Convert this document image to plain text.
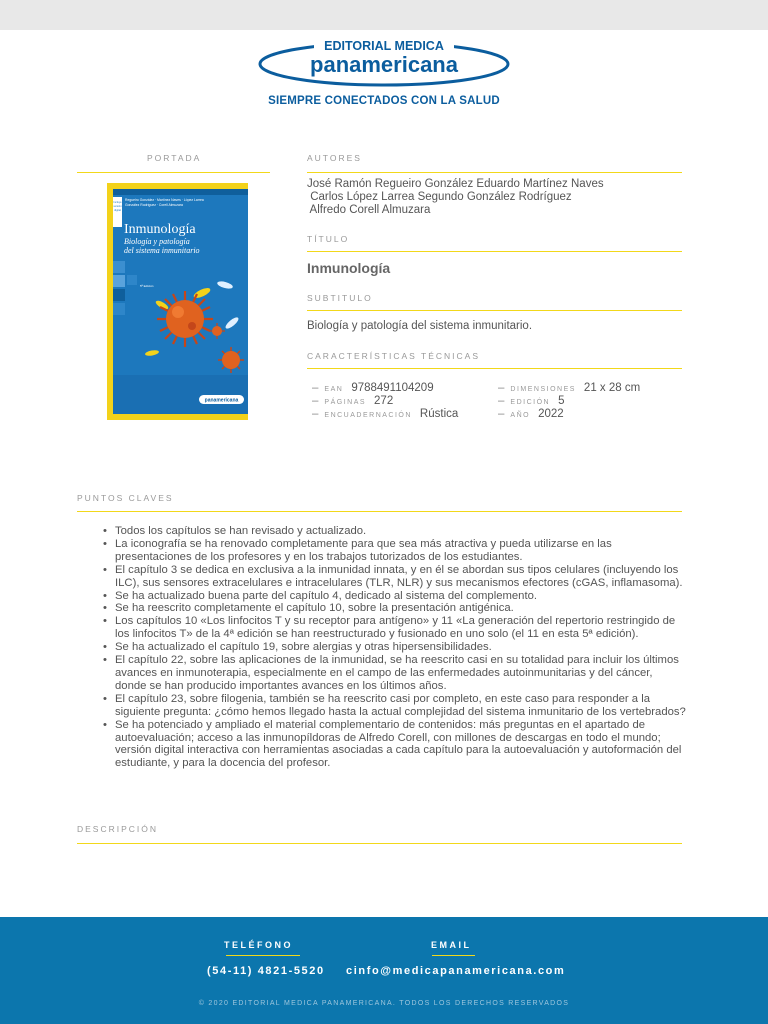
EDITORIAL MEDICA
panamericana
SIEMPRE CONECTADOS CON LA SALUD
PORTADA	AUTORES
TÍTULO
SUBTITULO
CARACTERÍSTICAS TÉCNICAS
PUNTOS CLAVES
DESCRIPCIÓN
Incluye
versión
digital
Regueiro González · Martínez Naves · López Larrea
González Rodríguez · Corell Almuzara
Inmunología
Biología y patología
del sistema inmunitario
5ª Edición
panamericana
José Ramón Regueiro González Eduardo Martínez Naves
Carlos López Larrea Segundo González Rodríguez
Alfredo Corell Almuzara
Inmunología
Biología y patología del sistema inmunitario.
– EAN 9788491104209
– PÁGINAS 272
– ENCUADERNACIÓN Rústica
– DIMENSIONES 21 x 28 cm
– EDICIÓN 5
– AÑO 2022
• Todos los capítulos se han revisado y actualizado.
• La iconografía se ha renovado completamente para que sea más atractiva y pueda utilizarse en las presentaciones de los profesores y en los trabajos tutorizados de los estudiantes.
• El capítulo 3 se dedica en exclusiva a la inmunidad innata, y en él se abordan sus tipos celulares (incluyendo los ILC), sus sensores extracelulares e intracelulares (TLR, NLR) y sus mecanismos efectores (cGAS, inflamasoma).
• Se ha actualizado buena parte del capítulo 4, dedicado al sistema del complemento.
• Se ha reescrito completamente el capítulo 10, sobre la presentación antigénica.
• Los capítulos 10 «Los linfocitos T y su receptor para antígeno» y 11 «La generación del repertorio restringido de los linfocitos T» de la 4ª edición se han reestructurado y fusionado en uno solo (el 11 en esta 5ª edición).
• Se ha actualizado el capítulo 19, sobre alergias y otras hipersensibilidades.
• El capítulo 22, sobre las aplicaciones de la inmunidad, se ha reescrito casi en su totalidad para incluir los últimos avances en inmunoterapia, especialmente en el campo de las enfermedades autoinmunitarias y del cáncer, donde se han producido importantes avances en los últimos años.
• El capítulo 23, sobre filogenia, también se ha reescrito casi por completo, en este caso para responder a la siguiente pregunta: ¿cómo hemos llegado hasta la actual complejidad del sistema inmunitario de los vertebrados?
• Se ha potenciado y ampliado el material complementario de contenidos: más preguntas en el apartado de autoevaluación; acceso a las inmunopíldoras de Alfredo Corell, con millones de descargas en todo el mundo; versión digital interactiva con herramientas asociadas a cada capítulo para la autoevaluación y autoformación del estudiante, y para la docencia del profesor.
TELÉFONO
(54-11) 4821-5520
EMAIL
cinfo@medicapanamericana.com
© 2020 EDITORIAL MEDICA PANAMERICANA. TODOS LOS DERECHOS RESERVADOS
